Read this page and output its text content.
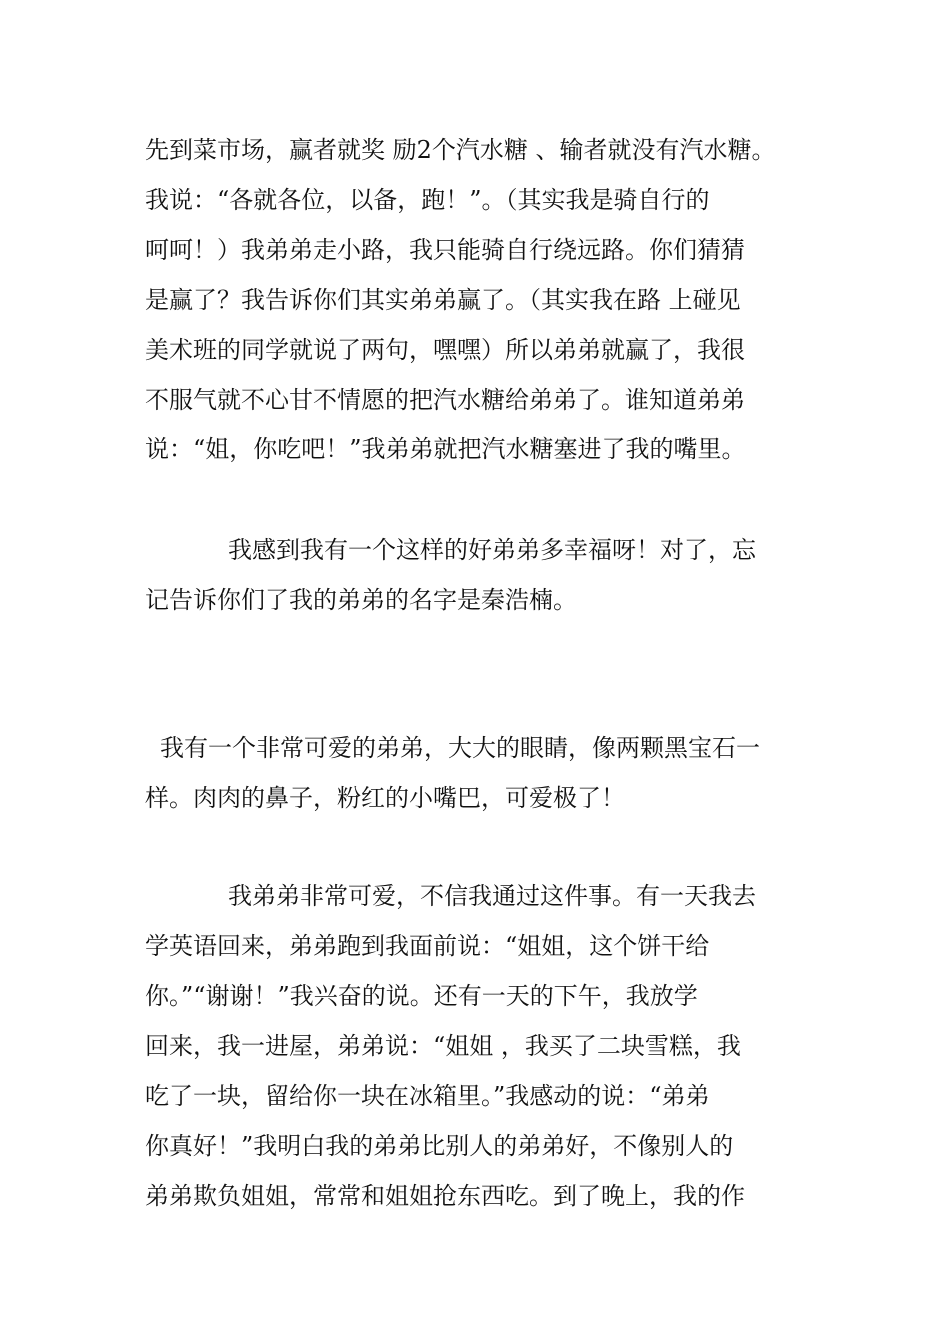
先到菜市场，赢者就奖 励2个汽水糖 、输者就没有汽水糖。
我说：“各就各位，以备，跑！”。（其实我是骑自行的
呵呵！）我弟弟走小路，我只能骑自行绕远路。你们猜猜
是赢了？我告诉你们其实弟弟赢了。（其实我在路 上碰见
美术班的同学就说了两句，嘿嘿）所以弟弟就赢了，我很
不服气就不心甘不情愿的把汽水糖给弟弟了。谁知道弟弟
说：“姐，你吃吧！”我弟弟就把汽水糖塞进了我的嘴里。
我感到我有一个这样的好弟弟多幸福呀！对了，忘
记告诉你们了我的弟弟的名字是秦浩楠。
我有一个非常可爱的弟弟，大大的眼睛，像两颗黑宝石一
样。肉肉的鼻子，粉红的小嘴巴，可爱极了！
我弟弟非常可爱，不信我通过这件事。有一天我去
学英语回来，弟弟跑到我面前说：“姐姐，这个饼干给
你。”“谢谢！”我兴奋的说。还有一天的下午，我放学
回来，我一进屋，弟弟说：“姐姐 ，我买了二块雪糕，我
吃了一块，留给你一块在冰箱里。”我感动的说：“弟弟
你真好！”我明白我的弟弟比别人的弟弟好，不像别人的
弟弟欺负姐姐，常常和姐姐抢东西吃。到了晚上，我的作
